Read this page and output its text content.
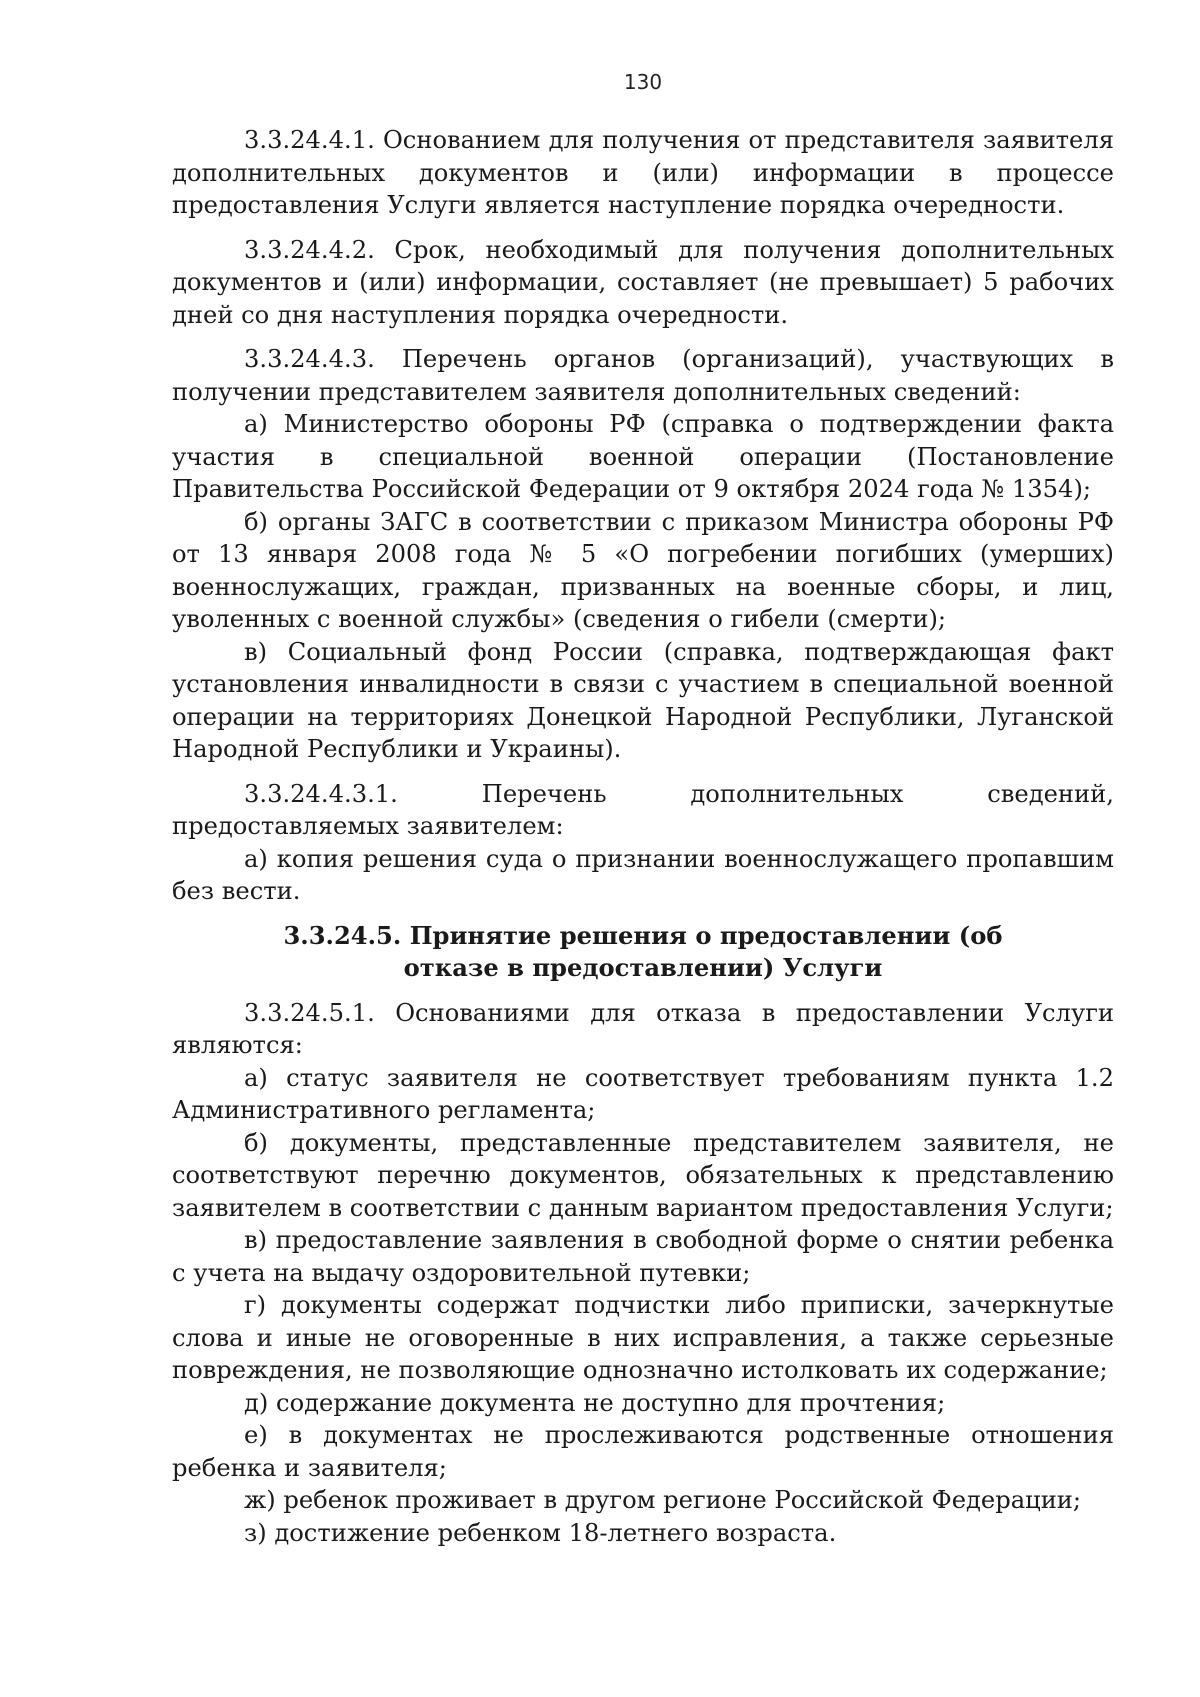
130

3.3.24.4.1. Основанием для получения от представителя заявителя дополнительных документов и (или) информации в процессе предоставления Услуги является наступление порядка очередности.

3.3.24.4.2. Срок, необходимый для получения дополнительных документов и (или) информации, составляет (не превышает) 5 рабочих дней со дня наступления порядка очередности.

3.3.24.4.3. Перечень органов (организаций), участвующих в получении представителем заявителя дополнительных сведений:

а) Министерство обороны РФ (справка о подтверждении факта участия в специальной военной операции (Постановление Правительства Российской Федерации от 9 октября 2024 года № 1354);

б) органы ЗАГС в соответствии с приказом Министра обороны РФ от 13 января 2008 года № 5 «О погребении погибших (умерших) военнослужащих, граждан, призванных на военные сборы, и лиц, уволенных с военной службы» (сведения о гибели (смерти);

в) Социальный фонд России (справка, подтверждающая факт установления инвалидности в связи с участием в специальной военной операции на территориях Донецкой Народной Республики, Луганской Народной Республики и Украины).

3.3.24.4.3.1. Перечень дополнительных сведений, предоставляемых заявителем:

а) копия решения суда о признании военнослужащего пропавшим без вести.

3.3.24.5. Принятие решения о предоставлении (об отказе в предоставлении) Услуги

3.3.24.5.1. Основаниями для отказа в предоставлении Услуги являются:

а) статус заявителя не соответствует требованиям пункта 1.2 Административного регламента;

б) документы, представленные представителем заявителя, не соответствуют перечню документов, обязательных к представлению заявителем в соответствии с данным вариантом предоставления Услуги;

в) предоставление заявления в свободной форме о снятии ребенка с учета на выдачу оздоровительной путевки;

г) документы содержат подчистки либо приписки, зачеркнутые слова и иные не оговоренные в них исправления, а также серьезные повреждения, не позволяющие однозначно истолковать их содержание;

д) содержание документа не доступно для прочтения;

е) в документах не прослеживаются родственные отношения ребенка и заявителя;

ж) ребенок проживает в другом регионе Российской Федерации;

з) достижение ребенком 18-летнего возраста.
